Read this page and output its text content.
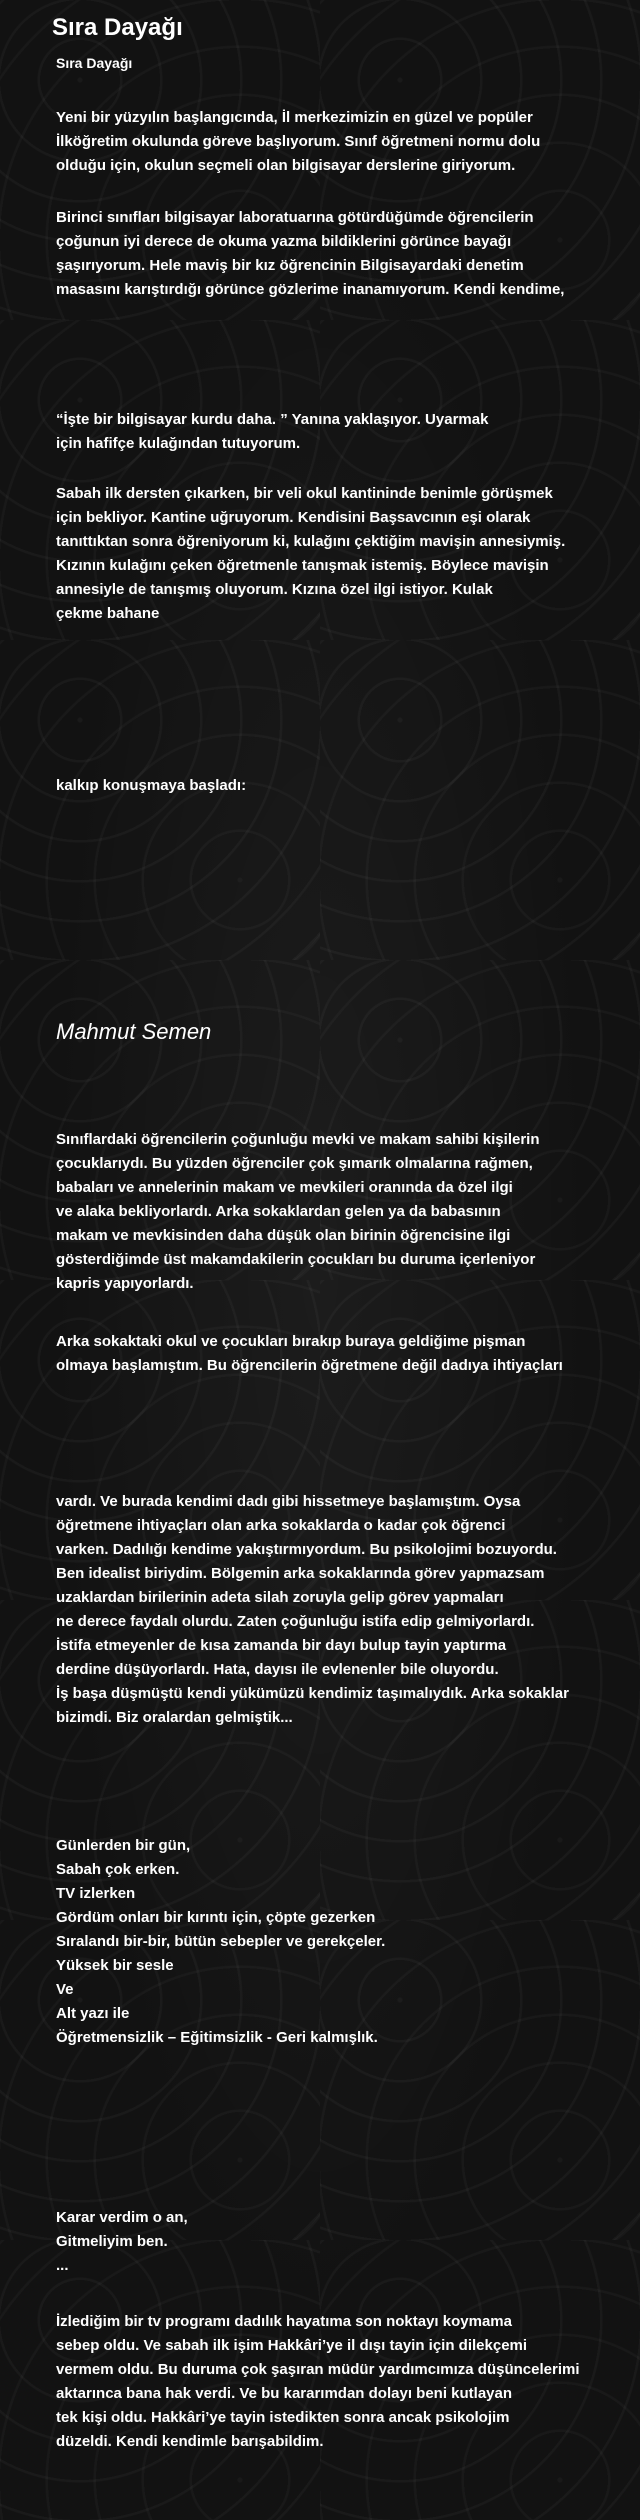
Sıra Dayağı
Sıra Dayağı
Yeni bir yüzyılın başlangıcında, İl merkezimizin en güzel ve popüler
İlköğretim okulunda göreve başlıyorum. Sınıf öğretmeni normu dolu
olduğu için, okulun seçmeli olan bilgisayar derslerine giriyorum.
Birinci sınıfları bilgisayar laboratuarına götürdüğümde öğrencilerin
çoğunun iyi derece de okuma yazma bildiklerini görünce bayağı
şaşırıyorum. Hele maviş bir kız öğrencinin Bilgisayardaki denetim
masasını karıştırdığı görünce gözlerime inanamıyorum. Kendi kendime,
“İşte bir bilgisayar kurdu daha. ” Yanına yaklaşıyor. Uyarmak
için hafifçe kulağından tutuyorum.
Sabah ilk dersten çıkarken, bir veli okul kantininde benimle görüşmek
için bekliyor. Kantine uğruyorum. Kendisini Başsavcının eşi olarak
tanıttıktan sonra öğreniyorum ki, kulağını çektiğim mavişin annesiymiş.
Kızının kulağını çeken öğretmenle tanışmak istemiş. Böylece mavişin
annesiyle de tanışmış oluyorum. Kızına özel ilgi istiyor. Kulak
çekme bahane
kalkıp konuşmaya başladı:
Mahmut Semen
Sınıflardaki öğrencilerin çoğunluğu mevki ve makam sahibi kişilerin
çocuklarıydı. Bu yüzden öğrenciler çok şımarık olmalarına rağmen,
babaları ve annelerinin makam ve mevkileri oranında da özel ilgi
ve alaka bekliyorlardı. Arka sokaklardan gelen ya da babasının
makam ve mevkisinden daha düşük olan birinin öğrencisine ilgi
gösterdiğimde üst makamdakilerin çocukları bu duruma içerleniyor
kapris yapıyorlardı.
Arka sokaktaki okul ve çocukları bırakıp buraya geldiğime pişman
olmaya başlamıştım. Bu öğrencilerin öğretmene değil dadıya ihtiyaçları
vardı. Ve burada kendimi dadı gibi hissetmeye başlamıştım. Oysa
öğretmene ihtiyaçları olan arka sokaklarda o kadar çok öğrenci
varken. Dadılığı kendime yakıştırmıyordum. Bu psikolojimi bozuyordu.
Ben idealist biriydim. Bölgemin arka sokaklarında görev yapmazsam
uzaklardan birilerinin adeta silah zoruyla gelip görev yapmaları
ne derece faydalı olurdu. Zaten çoğunluğu istifa edip gelmiyorlardı.
İstifa etmeyenler de kısa zamanda bir dayı bulup tayin yaptırma
derdine düşüyorlardı. Hata, dayısı ile evlenenler bile oluyordu.
İş başa düşmüştü kendi yükümüzü kendimiz taşımalıydık. Arka sokaklar
bizimdi. Biz oralardan gelmiştik...
Günlerden bir gün,
Sabah çok erken.
TV izlerken
Gördüm onları bir kırıntı için, çöpte gezerken
Sıralandı bir-bir, bütün sebepler ve gerekçeler.
Yüksek bir sesle
Ve
Alt yazı ile
Öğretmensizlik – Eğitimsizlik - Geri kalmışlık.
Karar verdim o an,
Gitmeliyim ben.
...
İzlediğim bir tv programı dadılık hayatıma son noktayı koymama
sebep oldu. Ve sabah ilk işim Hakkâri’ye il dışı tayin için dilekçemi
vermem oldu. Bu duruma çok şaşıran müdür yardımcımıza düşüncelerimi
aktarınca bana hak verdi. Ve bu kararımdan dolayı beni kutlayan
tek kişi oldu. Hakkâri’ye tayin istedikten sonra ancak psikolojim
düzeldi. Kendi kendimle barışabildim.
